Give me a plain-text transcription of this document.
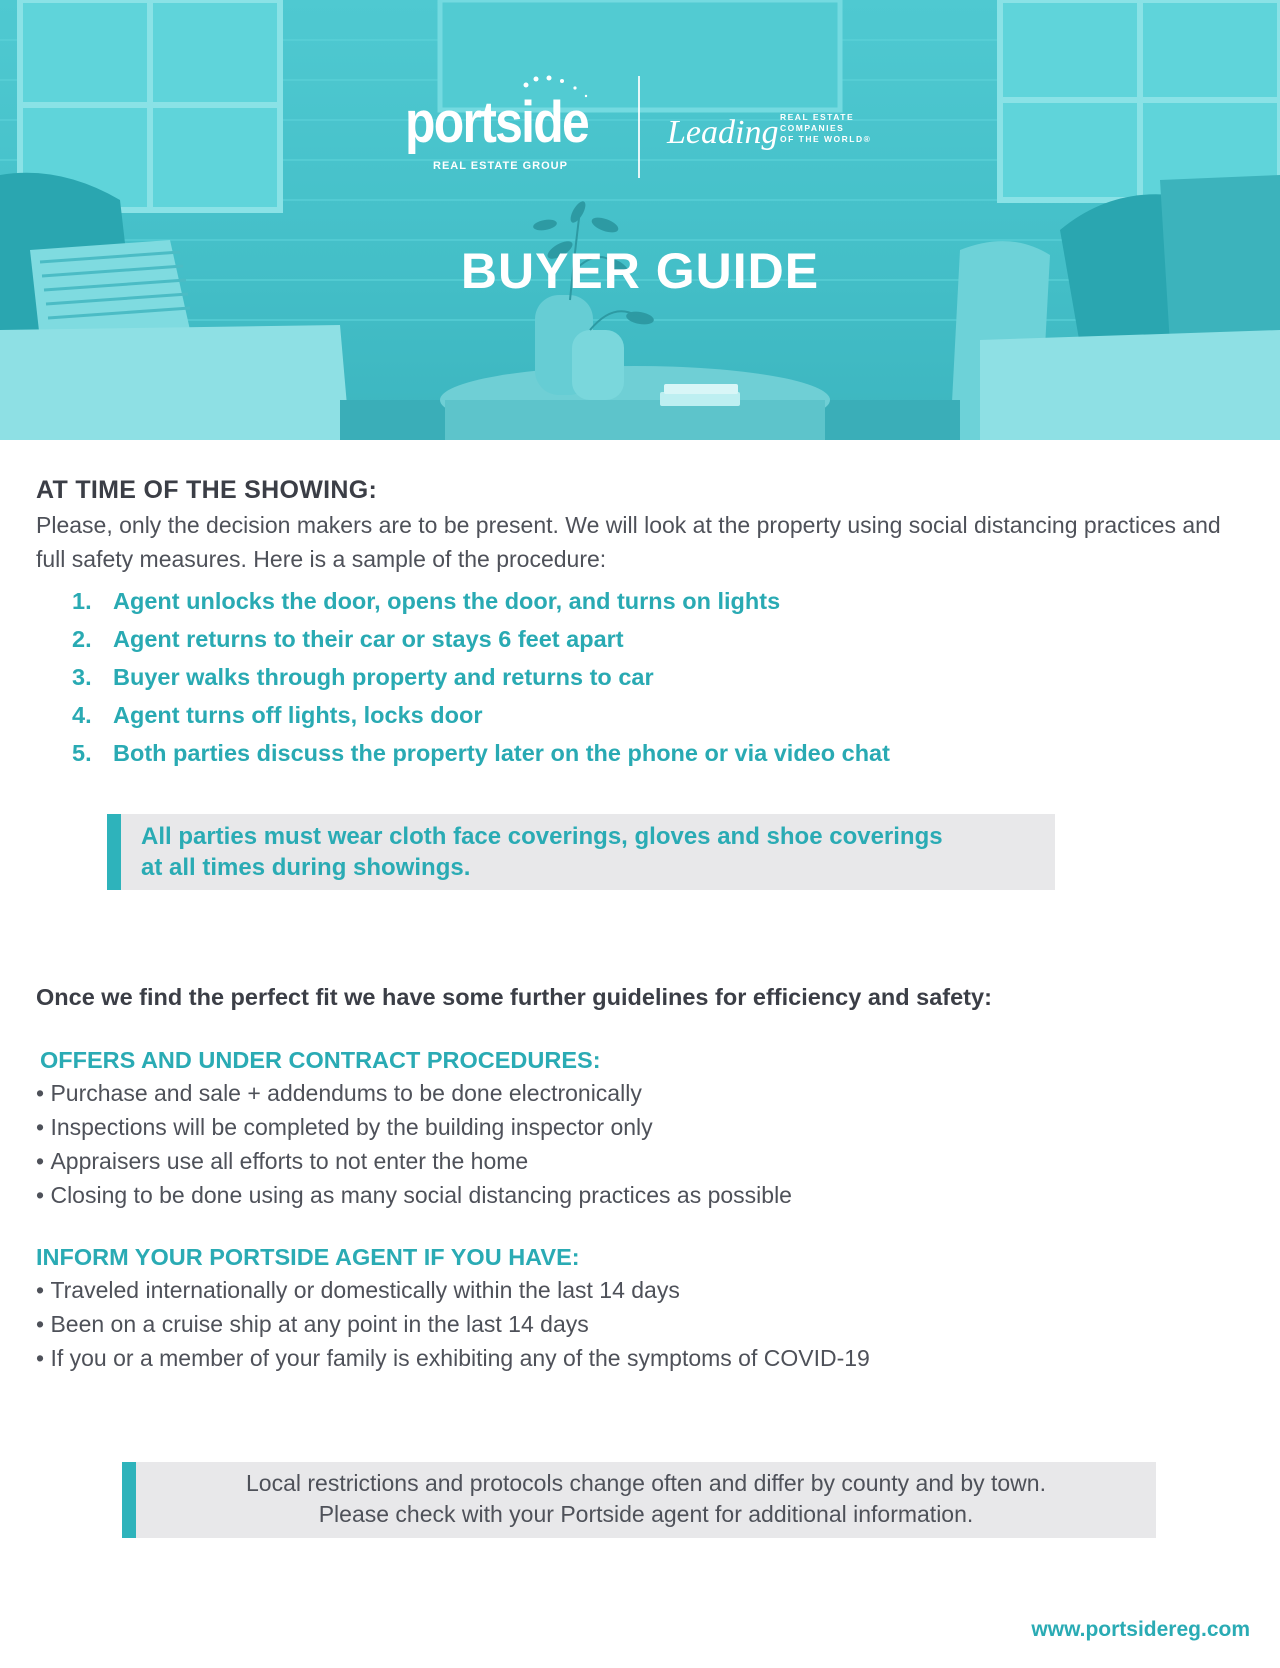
portside
REAL ESTATE GROUP
Leading REAL ESTATE
COMPANIES
OF THE WORLD®
BUYER GUIDE
AT TIME OF THE SHOWING:
Please, only the decision makers are to be present. We will look at the property using social distancing practices and full safety measures. Here is a sample of the procedure:
1. Agent unlocks the door, opens the door, and turns on lights
2. Agent returns to their car or stays 6 feet apart
3. Buyer walks through property and returns to car
4. Agent turns off lights, locks door
5. Both parties discuss the property later on the phone or via video chat
All parties must wear cloth face coverings, gloves and shoe coverings
at all times during showings.
Once we find the perfect fit we have some further guidelines for efficiency and safety:
OFFERS AND UNDER CONTRACT PROCEDURES:
• Purchase and sale + addendums to be done electronically
• Inspections will be completed by the building inspector only
• Appraisers use all efforts to not enter the home
• Closing to be done using as many social distancing practices as possible
INFORM YOUR PORTSIDE AGENT IF YOU HAVE:
• Traveled internationally or domestically within the last 14 days
• Been on a cruise ship at any point in the last 14 days
• If you or a member of your family is exhibiting any of the symptoms of COVID-19
Local restrictions and protocols change often and differ by county and by town.
Please check with your Portside agent for additional information.
www.portsidereg.com
